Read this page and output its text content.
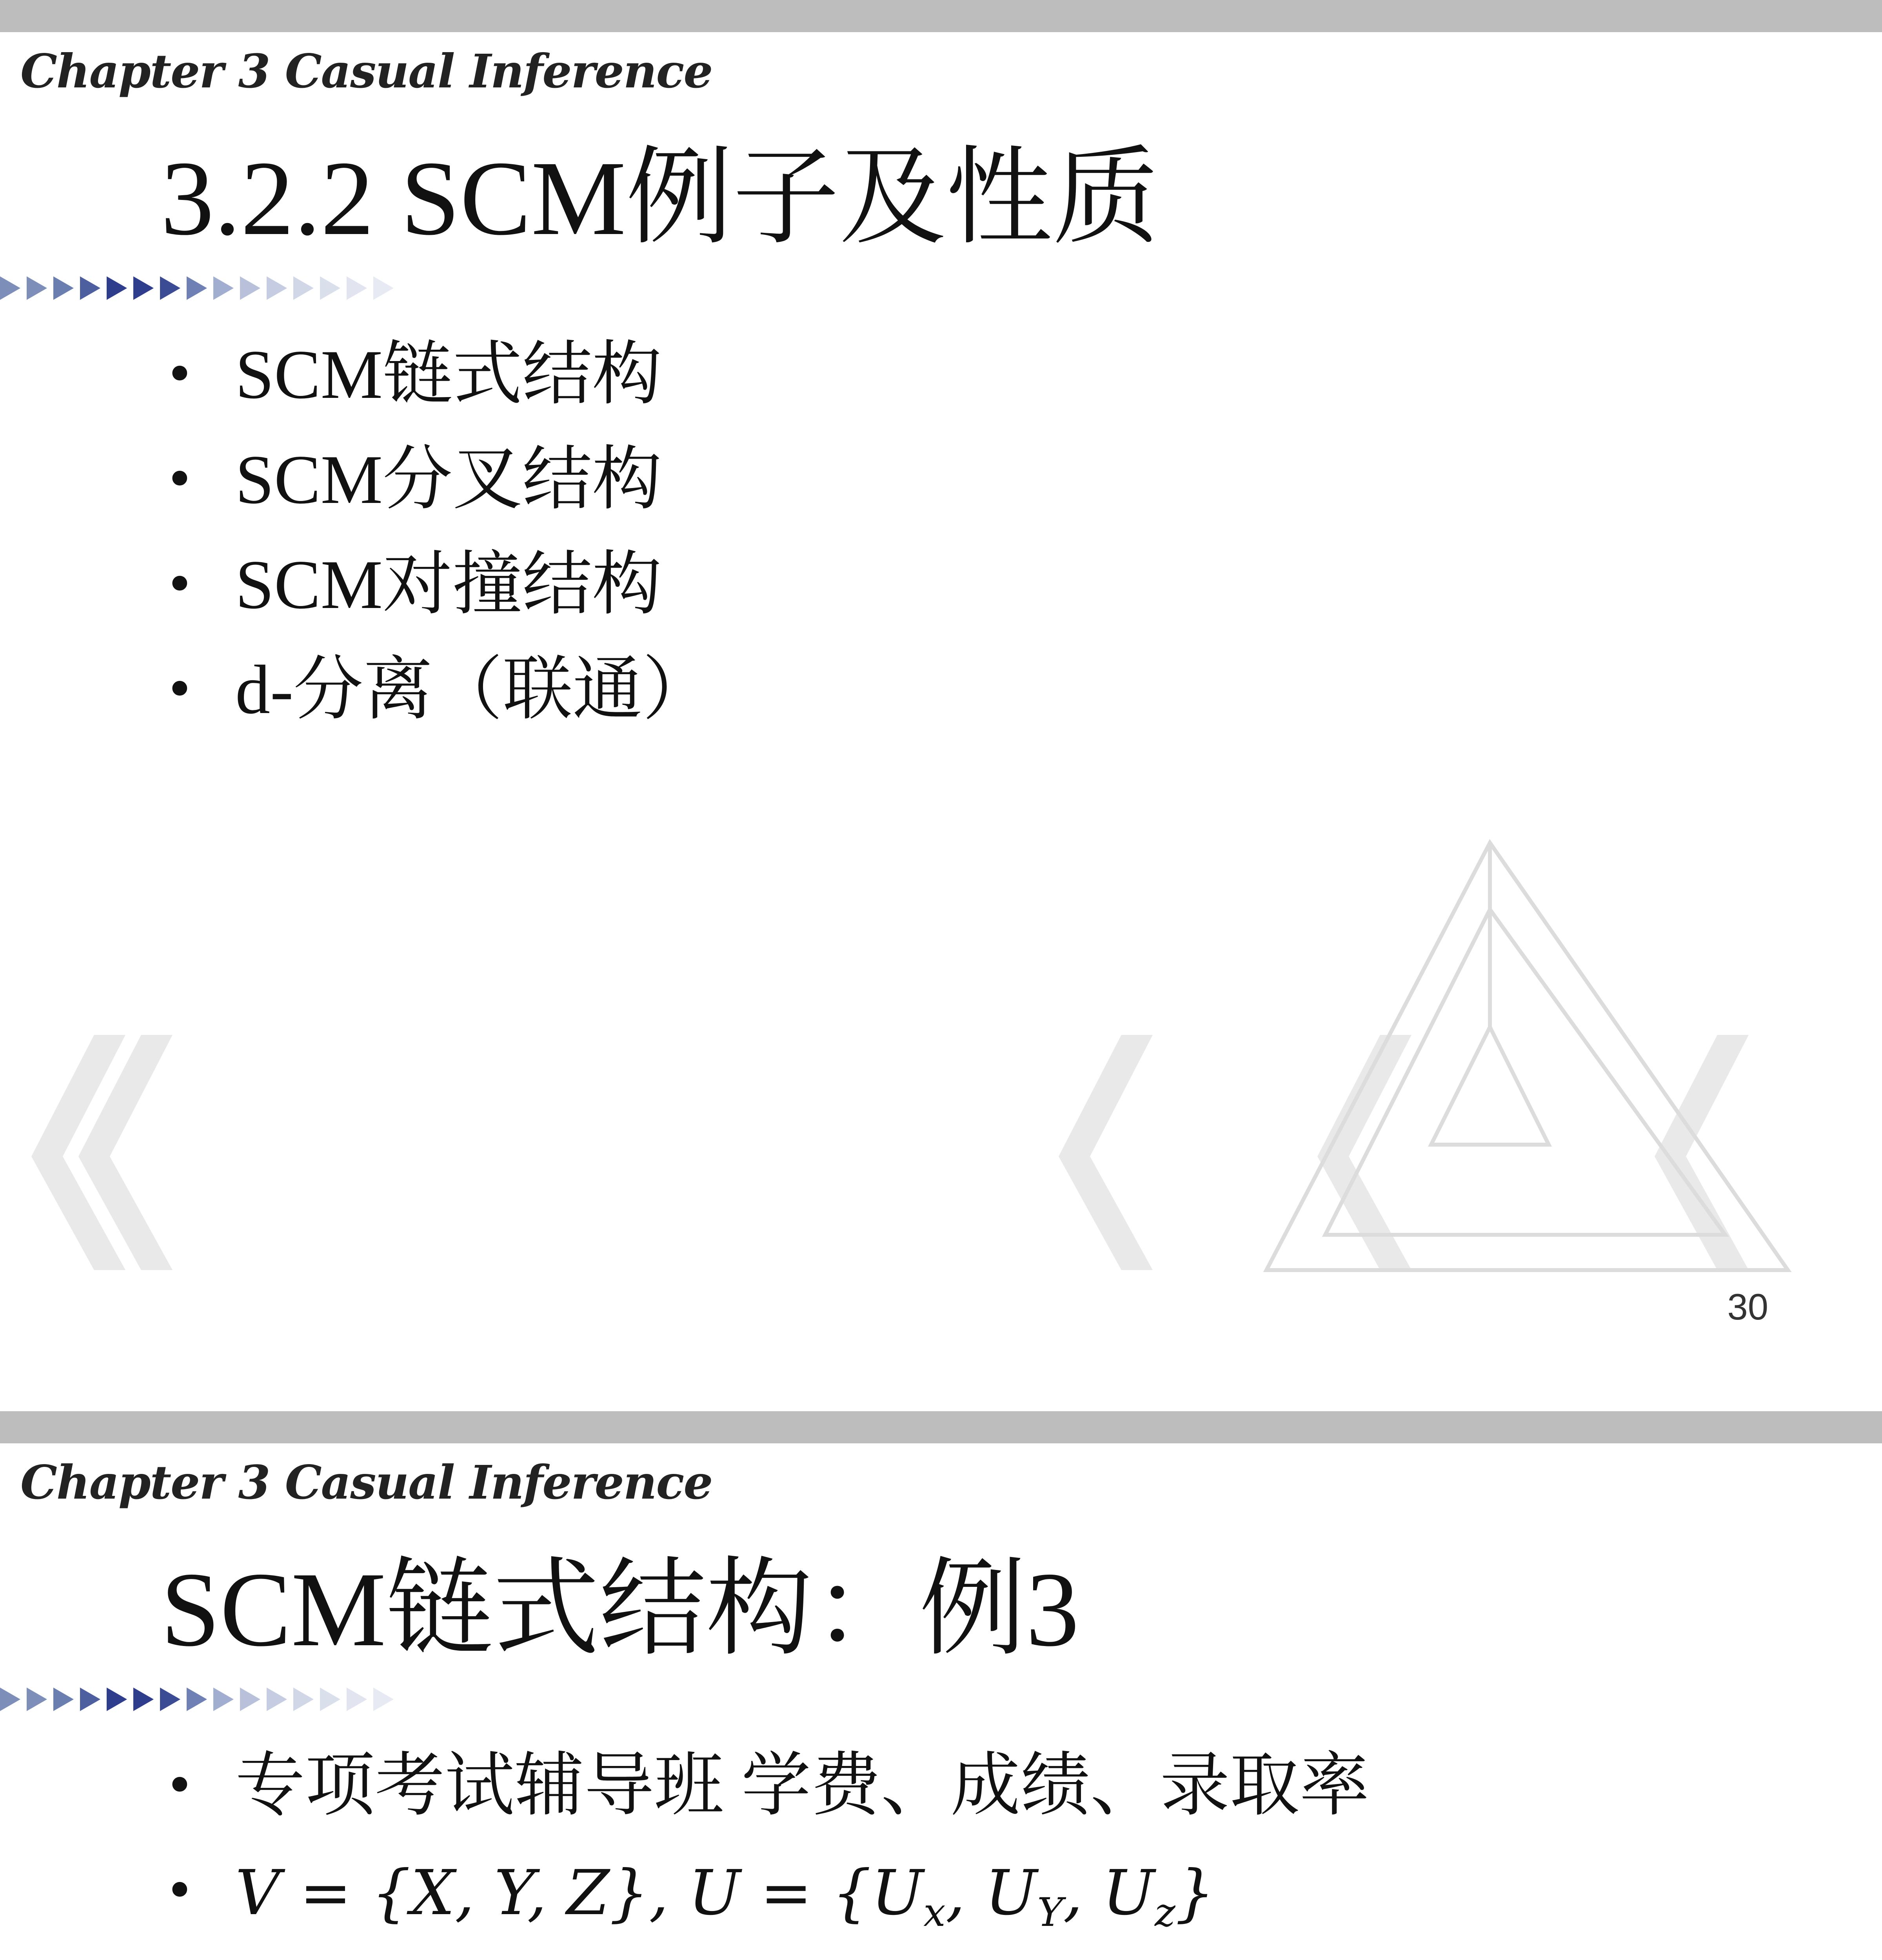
Chapter 3 Casual Inference
3.2.2 SCM例子及性质
• SCM链式结构
• SCM分叉结构
• SCM对撞结构
• d-分离（联通）
30
Chapter 3 Casual Inference
SCM链式结构：例3
• 专项考试辅导班 学费、成绩、录取率
• V = {X, Y, Z}, $U = \{U_x$, $U_Y$, $U_z$}
•
